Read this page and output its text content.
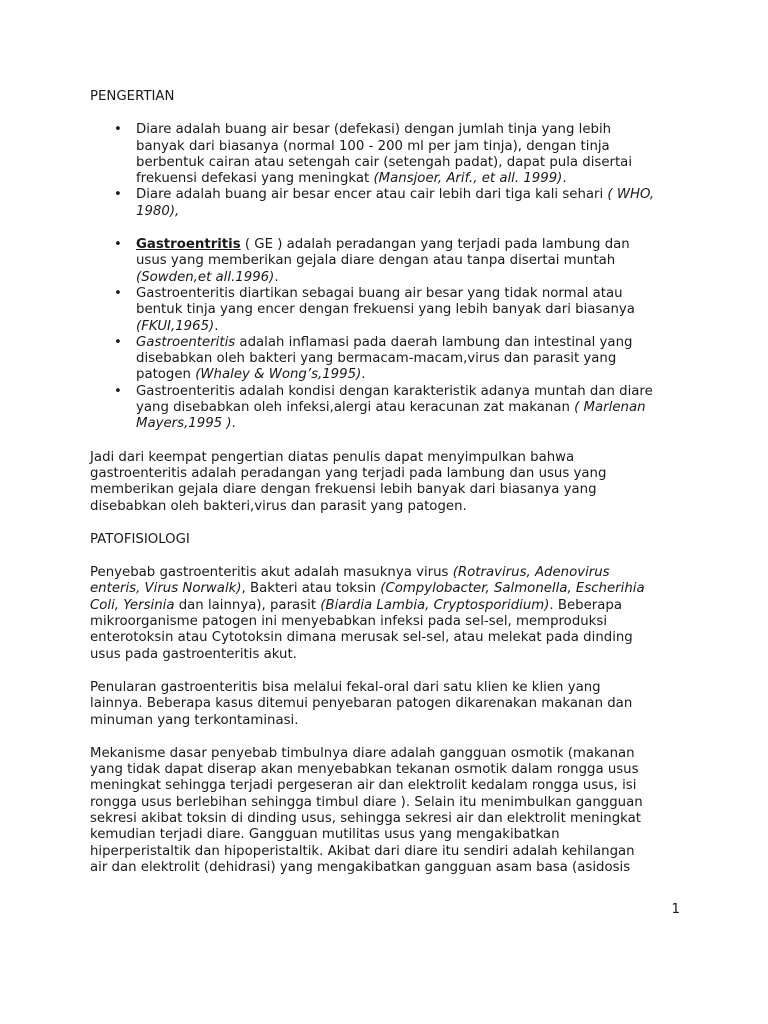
PENGERTIAN
• Diare adalah buang air besar (defekasi) dengan jumlah tinja yang lebih
banyak dari biasanya (normal 100 - 200 ml per jam tinja), dengan tinja
berbentuk cairan atau setengah cair (setengah padat), dapat pula disertai
frekuensi defekasi yang meningkat (Mansjoer, Arif., et all. 1999).
• Diare adalah buang air besar encer atau cair lebih dari tiga kali sehari ( WHO,
1980),
• Gastroentritis ( GE ) adalah peradangan yang terjadi pada lambung dan
usus yang memberikan gejala diare dengan atau tanpa disertai muntah
(Sowden,et all.1996).
• Gastroenteritis diartikan sebagai buang air besar yang tidak normal atau
bentuk tinja yang encer dengan frekuensi yang lebih banyak dari biasanya
(FKUI,1965).
• Gastroenteritis adalah inflamasi pada daerah lambung dan intestinal yang
disebabkan oleh bakteri yang bermacam-macam,virus dan parasit yang
patogen (Whaley & Wong’s,1995).
• Gastroenteritis adalah kondisi dengan karakteristik adanya muntah dan diare
yang disebabkan oleh infeksi,alergi atau keracunan zat makanan ( Marlenan
Mayers,1995 ).

Jadi dari keempat pengertian diatas penulis dapat menyimpulkan bahwa
gastroenteritis adalah peradangan yang terjadi pada lambung dan usus yang
memberikan gejala diare dengan frekuensi lebih banyak dari biasanya yang
disebabkan oleh bakteri,virus dan parasit yang patogen.

PATOFISIOLOGI

Penyebab gastroenteritis akut adalah masuknya virus (Rotravirus, Adenovirus
enteris, Virus Norwalk), Bakteri atau toksin (Compylobacter, Salmonella, Escherihia
Coli, Yersinia dan lainnya), parasit (Biardia Lambia, Cryptosporidium). Beberapa
mikroorganisme patogen ini menyebabkan infeksi pada sel-sel, memproduksi
enterotoksin atau Cytotoksin dimana merusak sel-sel, atau melekat pada dinding
usus pada gastroenteritis akut.

Penularan gastroenteritis bisa melalui fekal-oral dari satu klien ke klien yang
lainnya. Beberapa kasus ditemui penyebaran patogen dikarenakan makanan dan
minuman yang terkontaminasi.

Mekanisme dasar penyebab timbulnya diare adalah gangguan osmotik (makanan
yang tidak dapat diserap akan menyebabkan tekanan osmotik dalam rongga usus
meningkat sehingga terjadi pergeseran air dan elektrolit kedalam rongga usus, isi
rongga usus berlebihan sehingga timbul diare ). Selain itu menimbulkan gangguan
sekresi akibat toksin di dinding usus, sehingga sekresi air dan elektrolit meningkat
kemudian terjadi diare. Gangguan mutilitas usus yang mengakibatkan
hiperperistaltik dan hipoperistaltik. Akibat dari diare itu sendiri adalah kehilangan
air dan elektrolit (dehidrasi) yang mengakibatkan gangguan asam basa (asidosis

1
